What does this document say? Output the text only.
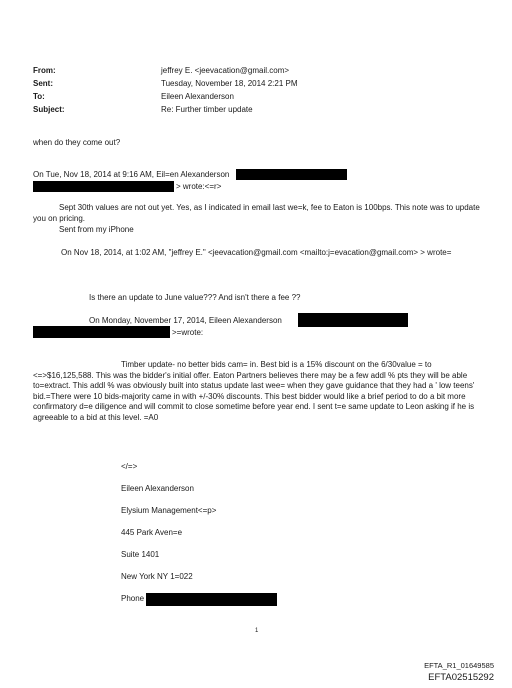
From:	jeffrey E. <jeevacation@gmail.com>
Sent:	Tuesday, November 18, 2014 2:21 PM
To:	Eileen Alexanderson
Subject:	Re: Further timber update
when do they come out?
On Tue, Nov 18, 2014 at 9:16 AM, Eil=en Alexanderson
> wrote:<=r>
Sept 30th values are not out yet. Yes, as I indicated in email last we=k, fee to Eaton is 100bps. This note was to update you on pricing.
Sent from my iPhone
On Nov 18, 2014, at 1:02 AM, "jeffrey E." <jeevacation@gmail.com <mailto:j=evacation@gmail.com> > wrote=
Is there an update to June value??? And isn't there a fee ??
On Monday, November 17, 2014, Eileen Alexanderson
>=wrote:
Timber update- no better bids cam= in. Best bid is a 15% discount on the 6/30value = to <=>$16,125,588. This was the bidder's initial offer. Eaton Partners believes there may be a few addl % pts they will be able to=extract. This addl % was obviously built into status update last wee= when they gave guidance that they had a ' low teens' bid.=There were 10 bids-majority came in with +/-30% discounts. This best bidder would like a brief period to do a bit more confirmatory d=e diligence and will commit to close sometime before year end. I sent t=e same update to Leon asking if he is agreeable to a bid at this level. =A0
</=>
Eileen Alexanderson
Elysium Management<=p>
445 Park Aven=e
Suite 1401
New York NY 1=022
Phone
1
EFTA_R1_01649585
EFTA02515292
